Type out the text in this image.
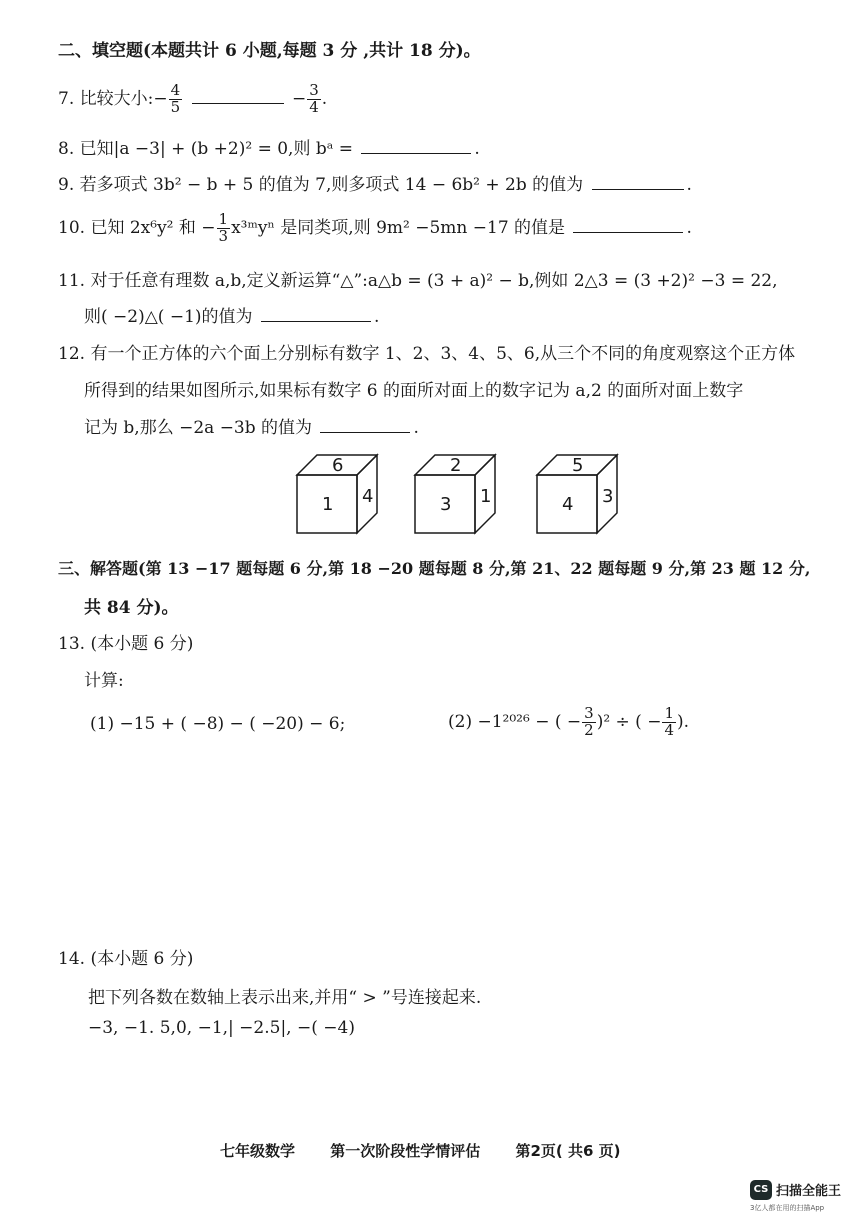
二、填空题(本题共计 6 小题,每题 3 分 ,共计 18 分)。
7. 比较大小:− $\frac{4}{5}$	− $\frac{3}{4}$ .
8. 已知|a −3| + (b +2)² = 0,则 bᵃ =	.
9. 若多项式 3b² − b + 5 的值为 7,则多项式 14 − 6b² + 2b 的值为	.
10. 已知 2x⁶y² 和 − $\frac{1}{3}$ x³ᵐyⁿ 是同类项,则 9m² −5mn −17 的值是	.
11. 对于任意有理数 a,b,定义新运算“△”:a△b = (3 + a)² − b,例如 2△3 = (3 +2)² −3 = 22,
则( −2)△( −1)的值为	.
12. 有一个正方体的六个面上分别标有数字 1、2、3、4、5、6,从三个不同的角度观察这个正方体
所得到的结果如图所示,如果标有数字 6 的面所对面上的数字记为 a,2 的面所对面上数字
记为 b,那么 −2a −3b 的值为	.
6
1 4
2
3 1
5
4 3
三、解答题(第 13 −17 题每题 6 分,第 18 −20 题每题 8 分,第 21、22 题每题 9 分,第 23 题 12 分,
共 84 分)。
13. (本小题 6 分)
计算:
(1) −15 + ( −8) − ( −20) − 6;	(2) −1²⁰²⁶ − ( − $\frac{3}{2} )^2$ ÷ ( − $\frac{1}{4}$ ).
14. (本小题 6 分)
把下列各数在数轴上表示出来,并用“ > ”号连接起来.
−3, −1. 5,0, −1,| −2.5|, −( −4)
七年级数学 第一次阶段性学情评估 第2页( 共6 页)
CS 扫描全能王
3亿人都在用的扫描App
